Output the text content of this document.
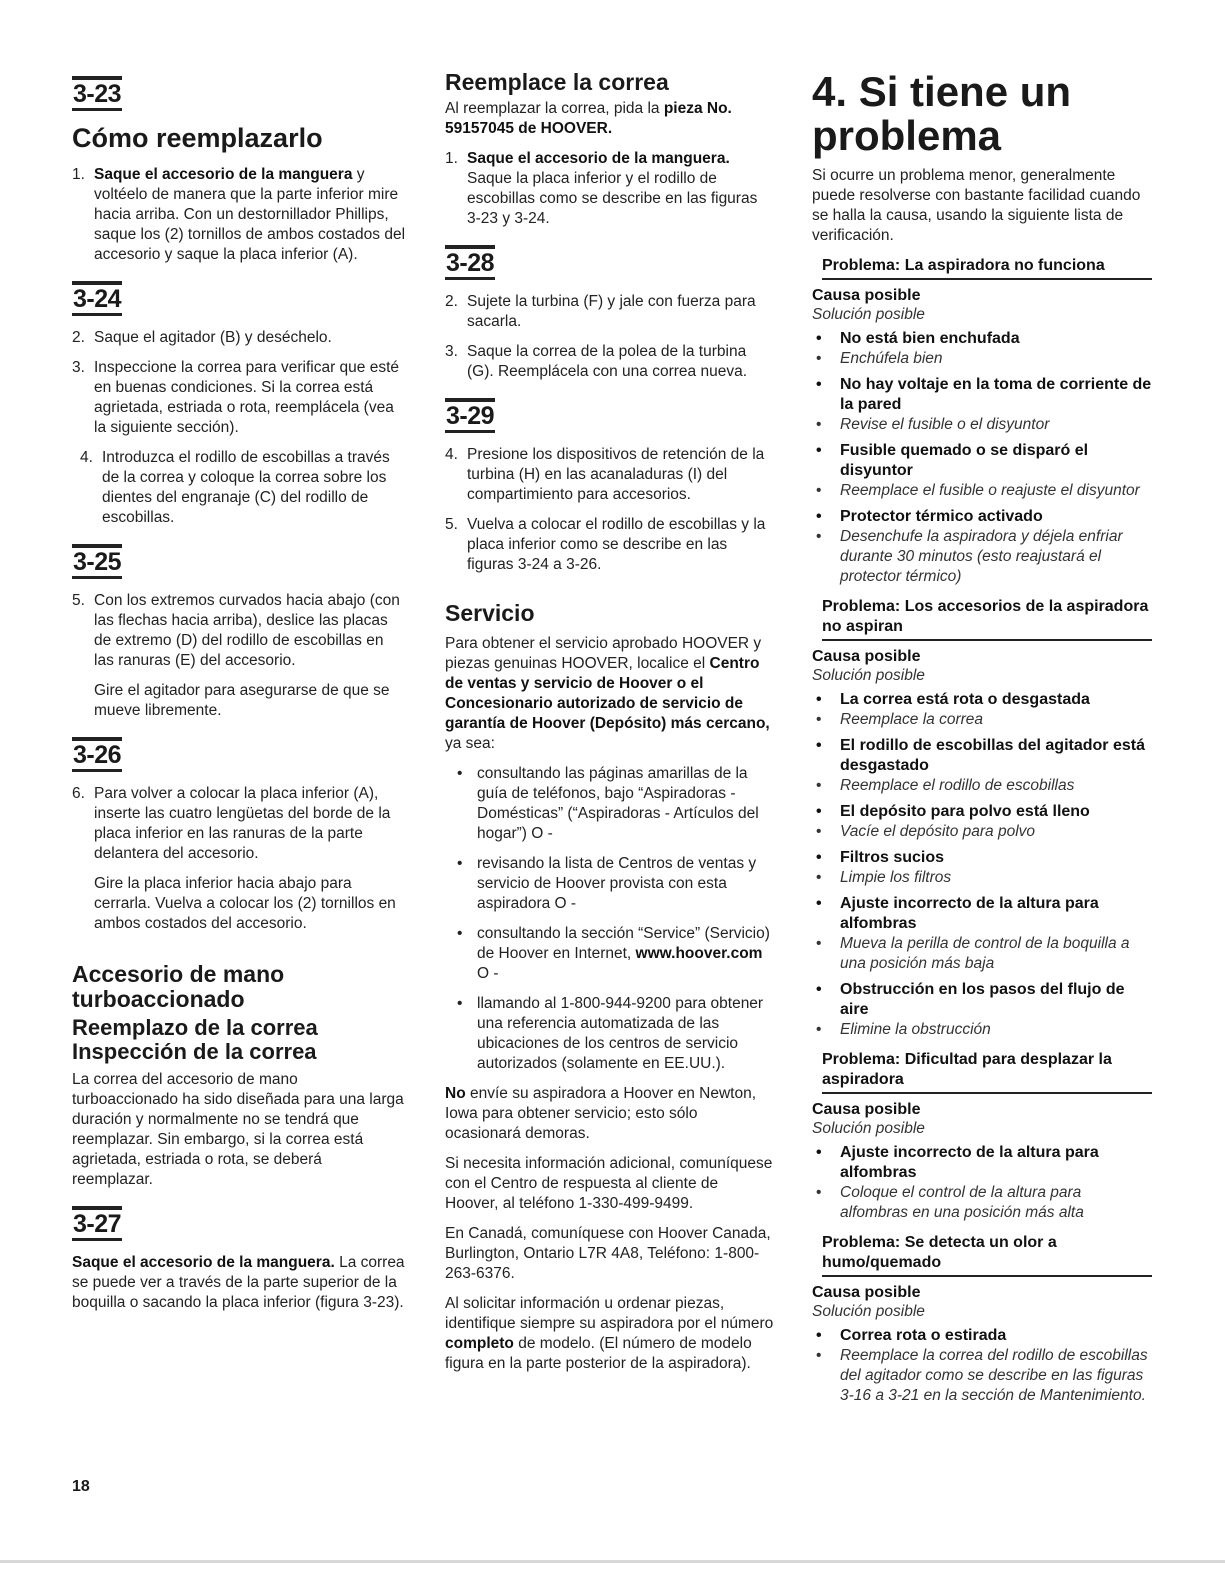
3-23
Cómo reemplazarlo
1. Saque el accesorio de la manguera y voltéelo de manera que la parte inferior mire hacia arriba. Con un destornillador Phillips, saque los (2) tornillos de ambos costados del accesorio y saque la placa inferior (A).
3-24
2. Saque el agitador (B) y deséchelo.
3. Inspeccione la correa para verificar que esté en buenas condiciones. Si la correa está agrietada, estriada o rota, reemplácela (vea la siguiente sección).
4. Introduzca el rodillo de escobillas a través de la correa y coloque la correa sobre los dientes del engranaje (C) del rodillo de escobillas.
3-25
5. Con los extremos curvados hacia abajo (con las flechas hacia arriba), deslice las placas de extremo (D) del rodillo de escobillas en las ranuras (E) del accesorio.
Gire el agitador para asegurarse de que se mueve libremente.
3-26
6. Para volver a colocar la placa inferior (A), inserte las cuatro lengüetas del borde de la placa inferior en las ranuras de la parte delantera del accesorio.
Gire la placa inferior hacia abajo para cerrarla. Vuelva a colocar los (2) tornillos en ambos costados del accesorio.
Accesorio de mano
turboaccionado
Reemplazo de la correa
Inspección de la correa
La correa del accesorio de mano turboaccionado ha sido diseñada para una larga duración y normalmente no se tendrá que reemplazar. Sin embargo, si la correa está agrietada, estriada o rota, se deberá reemplazar.
3-27
Saque el accesorio de la manguera. La correa se puede ver a través de la parte superior de la boquilla o sacando la placa inferior (figura 3-23).
Reemplace la correa
Al reemplazar la correa, pida la pieza No. 59157045 de HOOVER.
1. Saque el accesorio de la manguera. Saque la placa inferior y el rodillo de escobillas como se describe en las figuras 3-23 y 3-24.
3-28
2. Sujete la turbina (F) y jale con fuerza para sacarla.
3. Saque la correa de la polea de la turbina (G). Reemplácela con una correa nueva.
3-29
4. Presione los dispositivos de retención de la turbina (H) en las acanaladuras (I) del compartimiento para accesorios.
5. Vuelva a colocar el rodillo de escobillas y la placa inferior como se describe en las figuras 3-24 a 3-26.
Servicio
Para obtener el servicio aprobado HOOVER y piezas genuinas HOOVER, localice el Centro de ventas y servicio de Hoover o el Concesionario autorizado de servicio de garantía de Hoover (Depósito) más cercano, ya sea:
• consultando las páginas amarillas de la guía de teléfonos, bajo “Aspiradoras -Domésticas” (“Aspiradoras - Artículos del hogar”) O -
• revisando la lista de Centros de ventas y servicio de Hoover provista con esta aspiradora O -
• consultando la sección “Service” (Servicio) de Hoover en Internet, www.hoover.com O -
• llamando al 1-800-944-9200 para obtener una referencia automatizada de las ubicaciones de los centros de servicio autorizados (solamente en EE.UU.).
No envíe su aspiradora a Hoover en Newton, Iowa para obtener servicio; esto sólo ocasionará demoras.
Si necesita información adicional, comuníquese con el Centro de respuesta al cliente de Hoover, al teléfono 1-330-499-9499.
En Canadá, comuníquese con Hoover Canada, Burlington, Ontario L7R 4A8, Teléfono: 1-800-263-6376.
Al solicitar información u ordenar piezas, identifique siempre su aspiradora por el número completo de modelo. (El número de modelo figura en la parte posterior de la aspiradora).
4. Si tiene un
problema
Si ocurre un problema menor, generalmente puede resolverse con bastante facilidad cuando se halla la causa, usando la siguiente lista de verificación.
Problema: La aspiradora no funciona
Causa posible
Solución posible
• No está bien enchufada
• Enchúfela bien
• No hay voltaje en la toma de corriente de la pared
• Revise el fusible o el disyuntor
• Fusible quemado o se disparó el disyuntor
• Reemplace el fusible o reajuste el disyuntor
• Protector térmico activado
• Desenchufe la aspiradora y déjela enfriar durante 30 minutos (esto reajustará el protector térmico)
Problema: Los accesorios de la aspiradora no aspiran
Causa posible
Solución posible
• La correa está rota o desgastada
• Reemplace la correa
• El rodillo de escobillas del agitador está desgastado
• Reemplace el rodillo de escobillas
• El depósito para polvo está lleno
• Vacíe el depósito para polvo
• Filtros sucios
• Limpie los filtros
• Ajuste incorrecto de la altura para alfombras
• Mueva la perilla de control de la boquilla a una posición más baja
• Obstrucción en los pasos del flujo de aire
• Elimine la obstrucción
Problema: Dificultad para desplazar la aspiradora
Causa posible
Solución posible
• Ajuste incorrecto de la altura para alfombras
• Coloque el control de la altura para alfombras en una posición más alta
Problema: Se detecta un olor a humo/quemado
Causa posible
Solución posible
• Correa rota o estirada
• Reemplace la correa del rodillo de escobillas del agitador como se describe en las figuras 3-16 a 3-21 en la sección de Mantenimiento.
18
